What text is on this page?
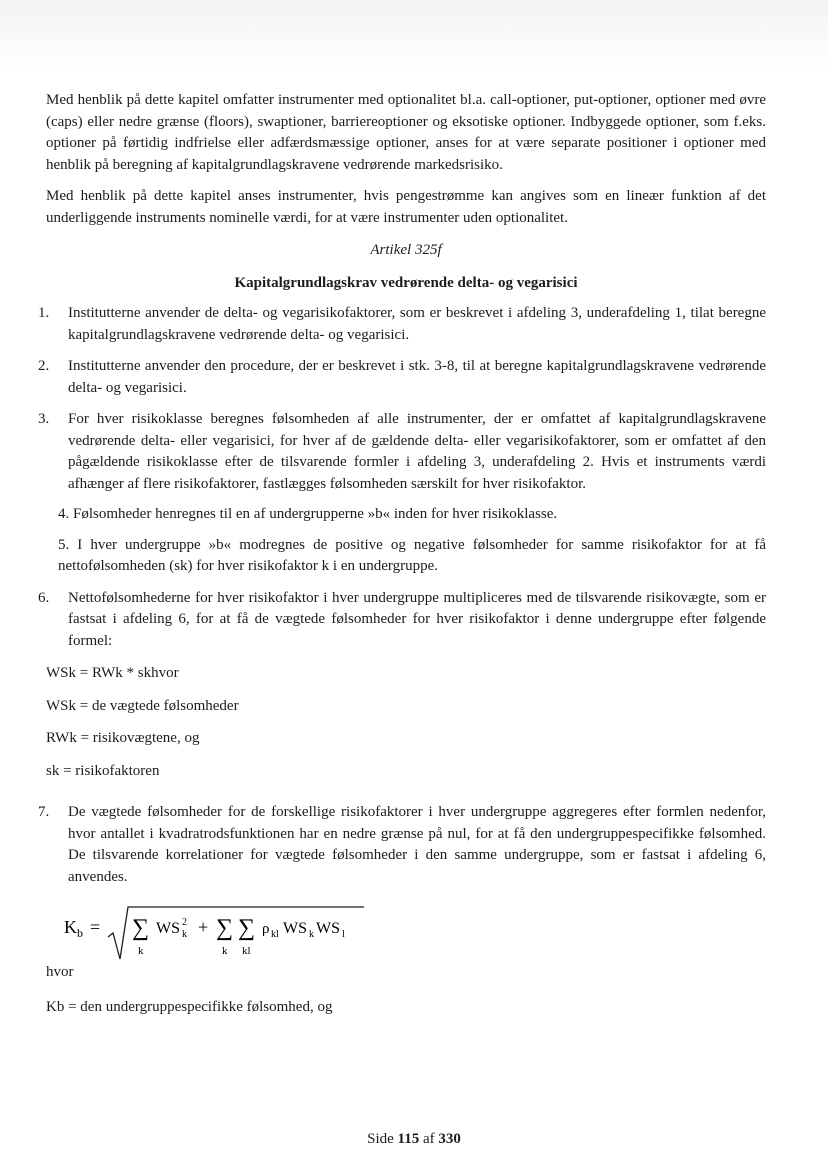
Med henblik på dette kapitel omfatter instrumenter med optionalitet bl.a. call-optioner, put-optioner, optioner med øvre (caps) eller nedre grænse (floors), swaptioner, barriereoptioner og eksotiske optioner. Indbyggede optioner, som f.eks. optioner på førtidig indfrielse eller adfærdsmæssige optioner, anses for at være separate positioner i optioner med henblik på beregning af kapitalgrundlagskravene vedrørende markedsrisiko.

Med henblik på dette kapitel anses instrumenter, hvis pengestrømme kan angives som en lineær funktion af det underliggende instruments nominelle værdi, for at være instrumenter uden optionalitet.

Artikel 325f

Kapitalgrundlagskrav vedrørende delta- og vegarisici

1. Institutterne anvender de delta- og vegarisikofaktorer, som er beskrevet i afdeling 3, underafdeling 1, tilat beregne kapitalgrundlagskravene vedrørende delta- og vegarisici.
2. Institutterne anvender den procedure, der er beskrevet i stk. 3-8, til at beregne kapitalgrundlagskravene vedrørende delta- og vegarisici.
3. For hver risikoklasse beregnes følsomheden af alle instrumenter, der er omfattet af kapitalgrundlagskravene vedrørende delta- eller vegarisici, for hver af de gældende delta- eller vegarisikofaktorer, som er omfattet af den pågældende risikoklasse efter de tilsvarende formler i afdeling 3, underafdeling 2. Hvis et instruments værdi afhænger af flere risikofaktorer, fastlægges følsomheden særskilt for hver risikofaktor.

4. Følsomheder henregnes til en af undergrupperne »b« inden for hver risikoklasse.

5. I hver undergruppe »b« modregnes de positive og negative følsomheder for samme risikofaktor for at få nettofølsomheden (sk) for hver risikofaktor k i en undergruppe.

6. Nettofølsomhederne for hver risikofaktor i hver undergruppe multipliceres med de tilsvarende risikovægte, som er fastsat i afdeling 6, for at få de vægtede følsomheder for hver risikofaktor i denne undergruppe efter følgende formel:

WSk = RWk * skhvor

WSk = de vægtede følsomheder

RWk = risikovægtene, og

sk = risikofaktoren

7. De vægtede følsomheder for de forskellige risikofaktorer i hver undergruppe aggregeres efter formlen nedenfor, hvor antallet i kvadratrodsfunktionen har en nedre grænse på nul, for at få den undergruppespecifikke følsomhed. De tilsvarende korrelationer for vægtede følsomheder i den samme undergruppe, som er fastsat i afdeling 6, anvendes.

hvor

Kb = den undergruppespecifikke følsomhed, og

K b = ∑
k
WS 2
k + ∑
k
∑
kl
ρ kl WS k WS l
Side 115 af 330
